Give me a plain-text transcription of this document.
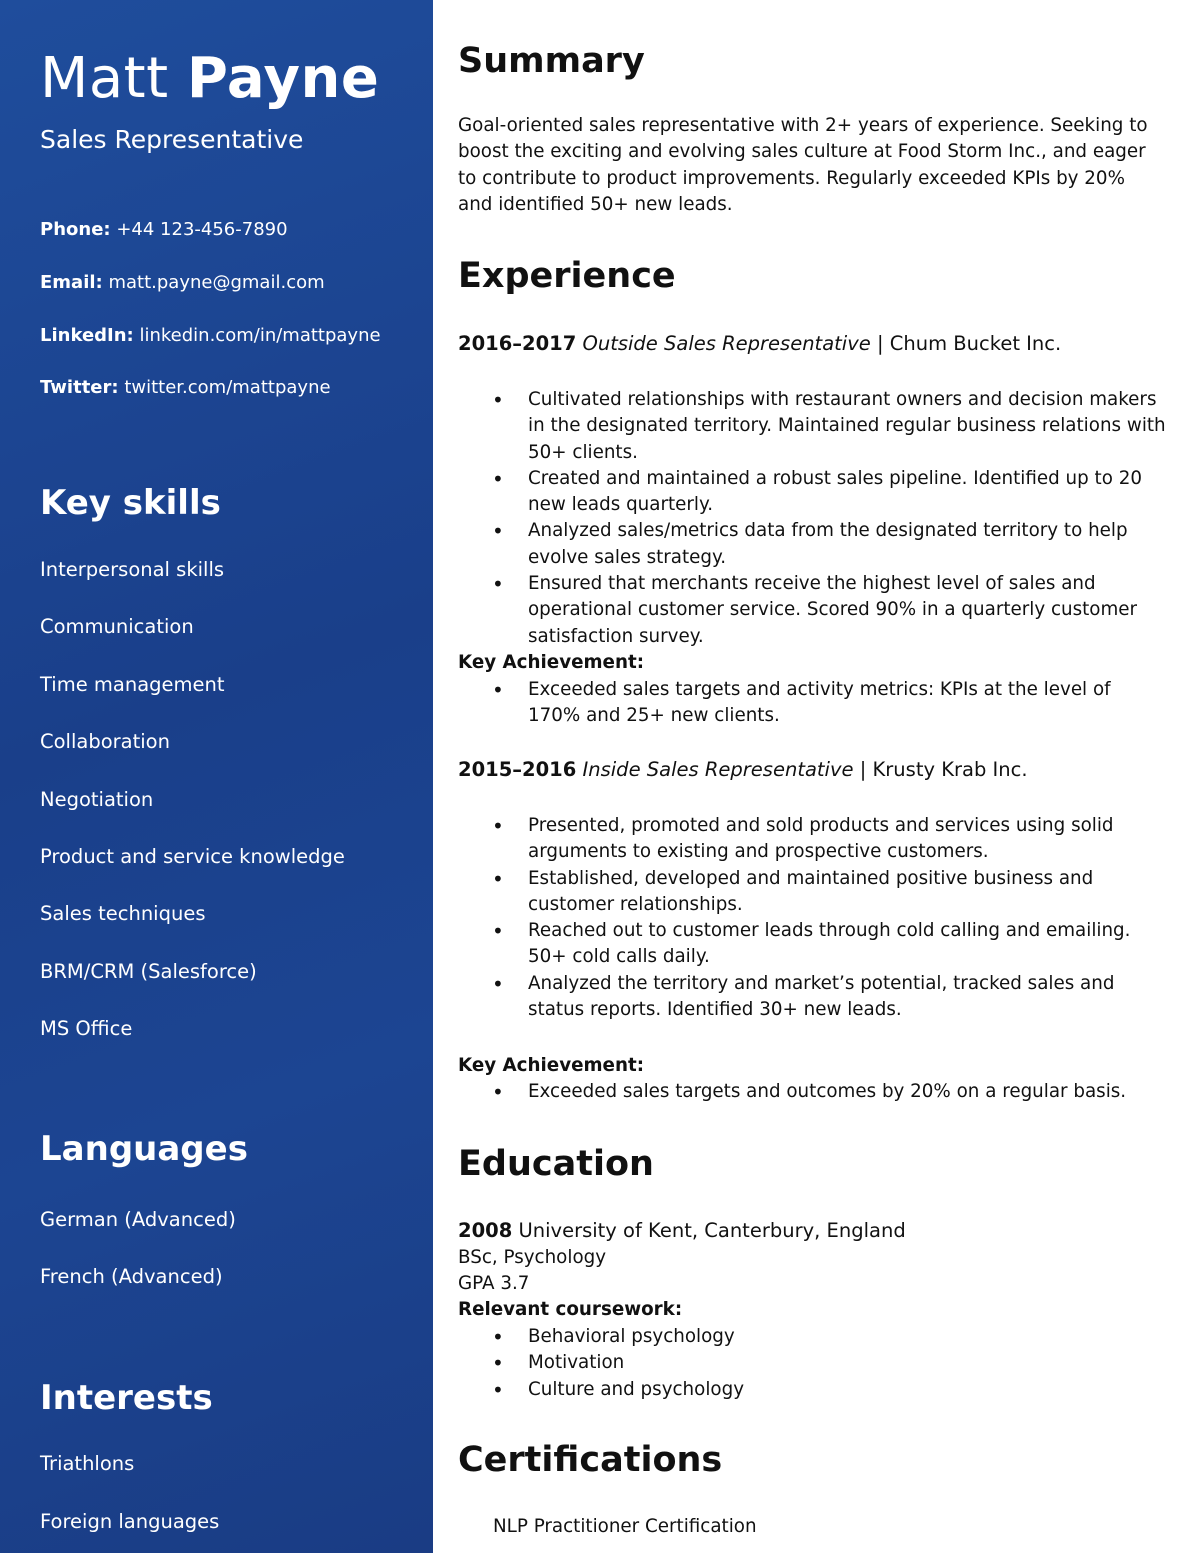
Matt Payne
Sales Representative
Phone: +44 123-456-7890
Email: matt.payne@gmail.com
LinkedIn: linkedin.com/in/mattpayne
Twitter: twitter.com/mattpayne
Key skills
Interpersonal skills
Communication
Time management
Collaboration
Negotiation
Product and service knowledge
Sales techniques
BRM/CRM (Salesforce)
MS Office
Languages
German (Advanced)
French (Advanced)
Interests
Triathlons
Foreign languages
Summary
Goal-oriented sales representative with 2+ years of experience. Seeking to boost the exciting and evolving sales culture at Food Storm Inc., and eager to contribute to product improvements. Regularly exceeded KPIs by 20% and identified 50+ new leads.
Experience
2016–2017 Outside Sales Representative | Chum Bucket Inc.
• Cultivated relationships with restaurant owners and decision makers in the designated territory. Maintained regular business relations with 50+ clients.
• Created and maintained a robust sales pipeline. Identified up to 20 new leads quarterly.
• Analyzed sales/metrics data from the designated territory to help evolve sales strategy.
• Ensured that merchants receive the highest level of sales and operational customer service. Scored 90% in a quarterly customer satisfaction survey.
Key Achievement:
• Exceeded sales targets and activity metrics: KPIs at the level of 170% and 25+ new clients.
2015–2016 Inside Sales Representative | Krusty Krab Inc.
• Presented, promoted and sold products and services using solid arguments to existing and prospective customers.
• Established, developed and maintained positive business and customer relationships.
• Reached out to customer leads through cold calling and emailing. 50+ cold calls daily.
• Analyzed the territory and market’s potential, tracked sales and status reports. Identified 30+ new leads.
Key Achievement:
• Exceeded sales targets and outcomes by 20% on a regular basis.
Education
2008 University of Kent, Canterbury, England
BSc, Psychology
GPA 3.7
Relevant coursework:
• Behavioral psychology
• Motivation
• Culture and psychology
Certifications
NLP Practitioner Certification
